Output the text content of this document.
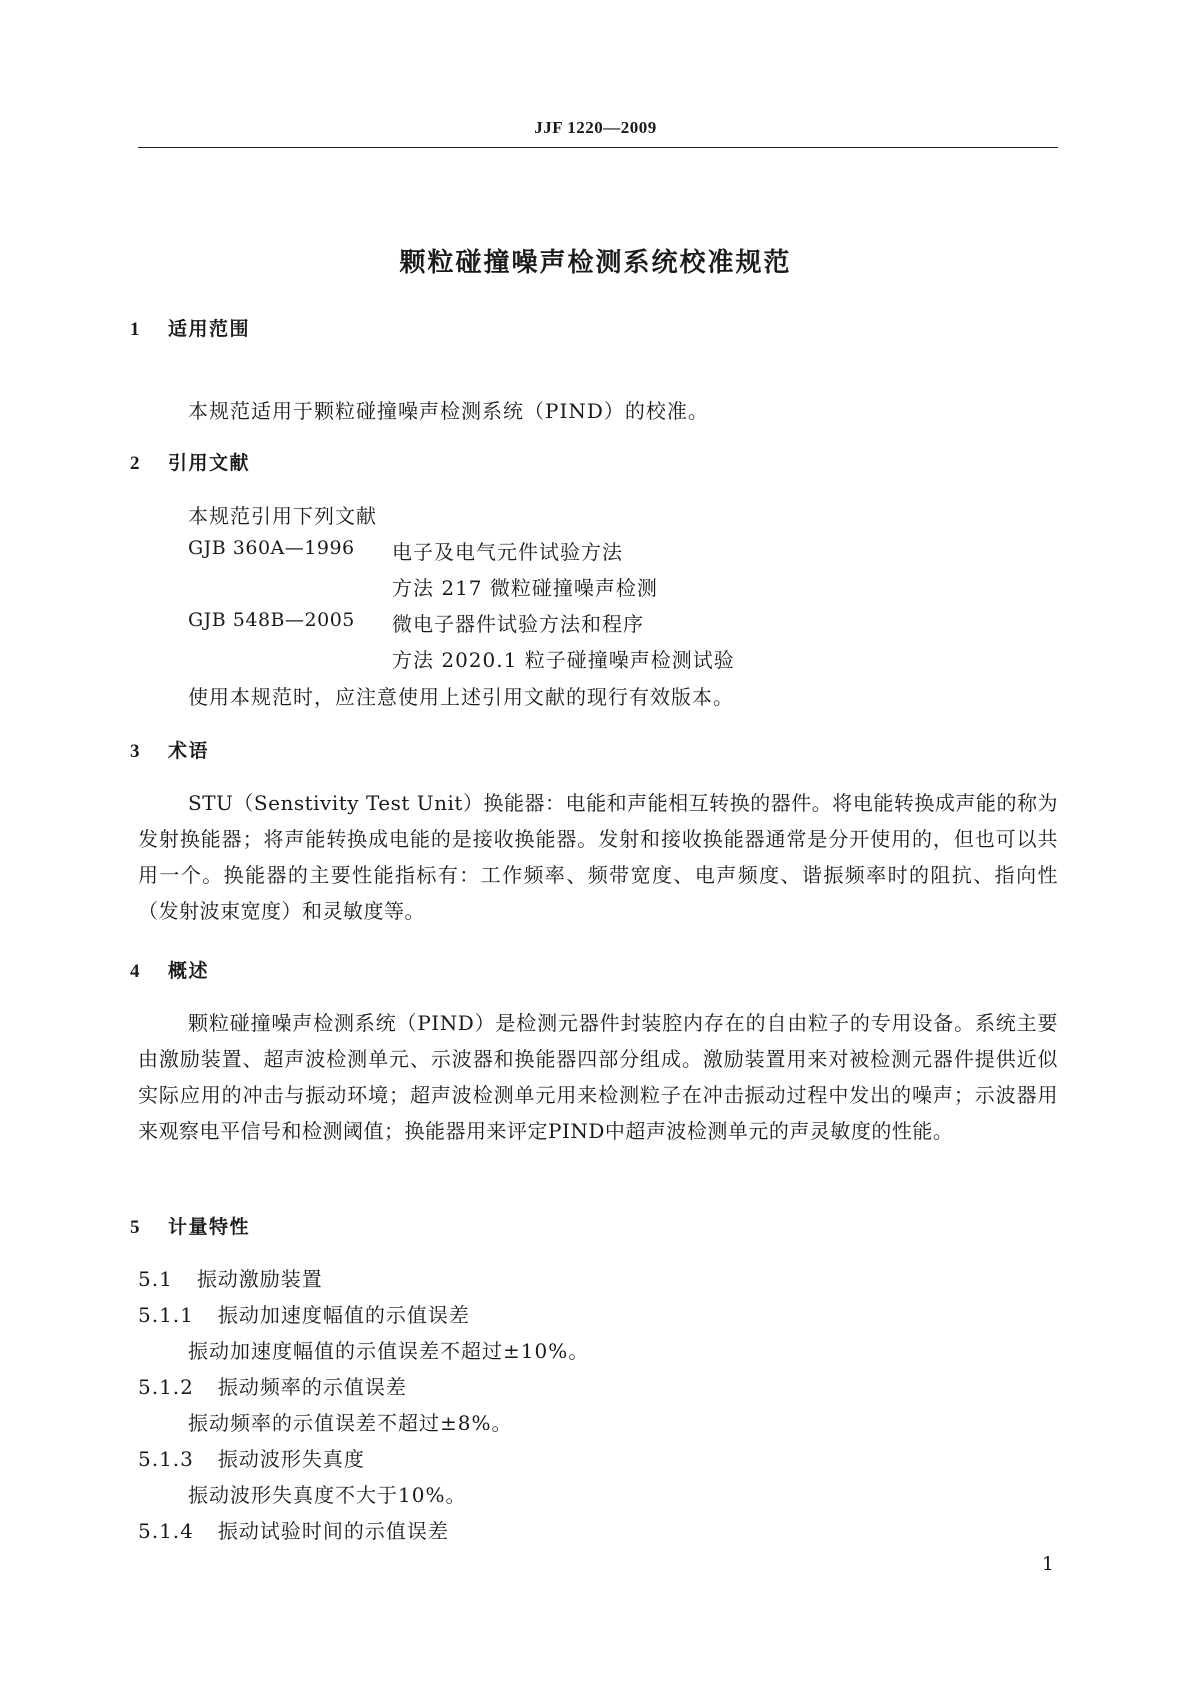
JJF 1220—2009
颗粒碰撞噪声检测系统校准规范
1 适用范围
本规范适用于颗粒碰撞噪声检测系统（PIND）的校准。
2 引用文献
本规范引用下列文献
GJB 360A—1996 电子及电气元件试验方法
方法 217 微粒碰撞噪声检测
GJB 548B—2005 微电子器件试验方法和程序
方法 2020.1 粒子碰撞噪声检测试验
使用本规范时，应注意使用上述引用文献的现行有效版本。
3 术语
STU（Senstivity Test Unit）换能器：电能和声能相互转换的器件。将电能转换成声能的称为发射换能器；将声能转换成电能的是接收换能器。发射和接收换能器通常是分开使用的，但也可以共用一个。换能器的主要性能指标有：工作频率、频带宽度、电声频度、谐振频率时的阻抗、指向性（发射波束宽度）和灵敏度等。
4 概述
颗粒碰撞噪声检测系统（PIND）是检测元器件封装腔内存在的自由粒子的专用设备。系统主要由激励装置、超声波检测单元、示波器和换能器四部分组成。激励装置用来对被检测元器件提供近似实际应用的冲击与振动环境；超声波检测单元用来检测粒子在冲击振动过程中发出的噪声；示波器用来观察电平信号和检测阈值；换能器用来评定PIND中超声波检测单元的声灵敏度的性能。
5 计量特性
5.1 振动激励装置
5.1.1 振动加速度幅值的示值误差
振动加速度幅值的示值误差不超过±10%。
5.1.2 振动频率的示值误差
振动频率的示值误差不超过±8%。
5.1.3 振动波形失真度
振动波形失真度不大于10%。
5.1.4 振动试验时间的示值误差
1
